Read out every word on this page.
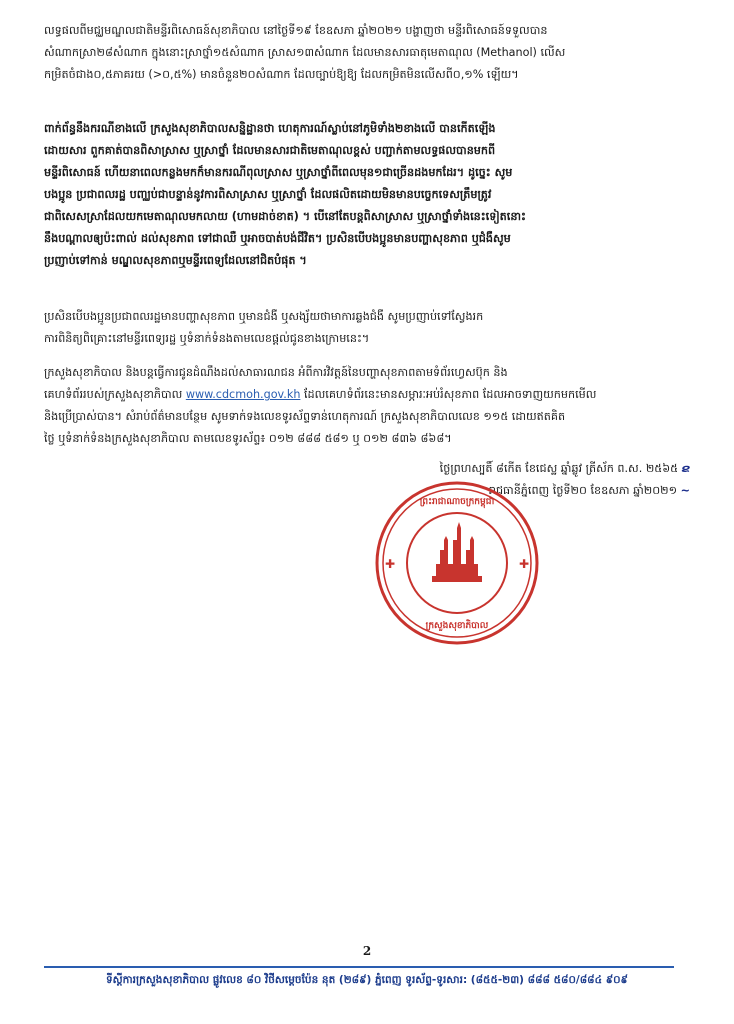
លទ្ធផលពីមជ្ឈមណ្ឌលជាតិមន្ទីរពិសោធន៍សុខាភិបាល នៅថ្ងៃទី១៩ ខែឧសភា ឆ្នាំ២០២១ បង្ហាញថា មន្ទីរពិសោធន៍ទទួលបាន
សំណាកស្រា២៨សំណាក ក្នុងនោះស្រាថ្នាំ១៥សំណាក ស្រាស១៣សំណាក ដែលមានសារធាតុមេតាណុល (Methanol) លើស
កម្រិតចំជាង០,៥ភាគរយ (>០,៥%) មានចំនួន២០សំណាក ដែលច្បាប់ឱ្យឱ្យ ដែលកម្រិតមិនលើសពី០,១% ឡើយ។
ពាក់ព័ន្ធនឹងករណីខាងលើ ក្រសួងសុខាភិបាលសន្និដ្ឋានថា ហេតុការណ៍ស្លាប់នៅភូមិទាំង២ខាងលើ បានកើតឡើង
ដោយសារ ពួកគាត់បានពិសាស្រាស ឬស្រាថ្នាំ ដែលមានសារជាតិមេតាណុលខ្ពស់ បញ្ជាក់តាមលទ្ធផលបានមកពី
មន្ទីរពិសោធន៍ ហើយនាពេលកន្លងមកក៏មានករណីពុលស្រាស ឬស្រាថ្នាំពីពេលមុន១ជាច្រើនដងមកដែរ។ ដូច្នេះ សូម
បងប្អូន ប្រជាពលរដ្ឋ បញ្ឈប់ជាបន្ទាន់នូវការពិសាស្រាស ឬស្រាថ្នាំ ដែលផលិតដោយមិនមានបច្ចេកទេសត្រឹមត្រូវ
ជាពិសេសស្រាដែលយកមេតាណុលមកលាយ (ហាមដាច់ខាត) ។ បើនៅតែបន្តពិសាស្រាស ឬស្រាថ្នាំទាំងនេះទៀតនោះ
នឹងបណ្តាលឲ្យប៉ះពាល់ ដល់សុខភាព ទៅជាឈឺ ឬអាចបាត់បង់ជីវិត។ ប្រសិនបើបងប្អូនមានបញ្ហាសុខភាព ឬជំងឺសូម
ប្រញាប់ទៅកាន់ មណ្ឌលសុខភាពឬមន្ទីរពេទ្យដែលនៅជិតបំផុត ។
ប្រសិនបើបងប្អូនប្រជាពលរដ្ឋមានបញ្ហាសុខភាព ឬមានជំងឺ ឬសង្ស័យថាមាការឆ្លងជំងឺ សូមប្រញាប់ទៅស្វែងរក
ការពិនិត្យពិគ្រោះនៅមន្ទីរពេទ្យរដ្ឋ ឬទំនាក់ទំនងតាមលេខផ្តល់ជូនខាងក្រោមនេះ។
ក្រសួងសុខាភិបាល និងបន្តធ្វើការជូនដំណឹងដល់សាធារណជន អំពីការវិវត្តន៍នៃបញ្ហាសុខភាពតាមទំព័រហ្វេសប៊ុក និង
គេហទំព័ររបស់ក្រសួងសុខាភិបាល www.cdcmoh.gov.kh ដែលគេហទំព័រនេះមានសម្ភារៈអប់រំសុខភាព ដែលអាចទាញយកមកមើល
និងប្រើប្រាស់បាន។ សំរាប់ព័ត៌មានបន្ថែម សូមទាក់ទងលេខទូរស័ព្ទទាន់ហេតុការណ៍ ក្រសួងសុខាភិបាលលេខ ១១៥ ដោយឥតគិត
ថ្លៃ ឬទំនាក់ទំនងក្រសួងសុខាភិបាល តាមលេខទូរស័ព្ទ៖ ០១២ ៨៨៨ ៥៨១ ឬ ០១២ ៨៣៦ ៨៦៨។
ថ្ងៃព្រហស្បតិ៍ ៨កើត ខែជេស្ឋ ឆ្នាំឆ្លូវ ត្រីស័ក ព.ស. ២៥៦៥ ຂ
រាជធានីភ្នំពេញ ថ្ងៃទី២០ ខែឧសភា ឆ្នាំ២០២១ ~
ព្រះរាជាណាចក្រកម្ពុជា
ក្រសួងសុខាភិបាល
✚	✚
2
ទីស្តីការក្រសួងសុខាភិបាល ផ្លូវលេខ ៨០ វិថីសម្តេចប៉ែន នុត (២៨៩) ភ្នំពេញ ទូរស័ព្ទ-ទូរសារ: (៨៥៥-២៣) ៨៨៨ ៥៨០/៨៨៤ ៩០៩
